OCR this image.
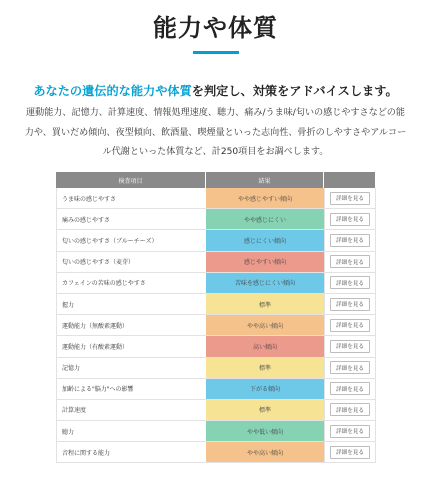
能力や体質
あなたの遺伝的な能力や体質を判定し、対策をアドバイスします。
運動能力、記憶力、計算速度、情報処理速度、聴力、痛み/うま味/匂いの感じやすさなどの能
力や、買いだめ傾向、夜型傾向、飲酒量、喫煙量といった志向性、骨折のしやすさやアルコー
ル代謝といった体質など、計250項目をお調べします。
検査項目	結果
うま味の感じやすさ	やや感じやすい傾向	詳細を見る
痛みの感じやすさ	やや感じにくい	詳細を見る
匂いの感じやすさ（ブルーチーズ）	感じにくい傾向	詳細を見る
匂いの感じやすさ（麦芽）	感じやすい傾向	詳細を見る
カフェインの苦味の感じやすさ	苦味を感じにくい傾向	詳細を見る
握力	標準	詳細を見る
運動能力（無酸素運動）	やや高い傾向	詳細を見る
運動能力（有酸素運動）	高い傾向	詳細を見る
記憶力	標準	詳細を見る
加齢による"脳力"への影響	下がる傾向	詳細を見る
計算速度	標準	詳細を見る
聴力	やや低い傾向	詳細を見る
音程に関する能力	やや高い傾向	詳細を見る
